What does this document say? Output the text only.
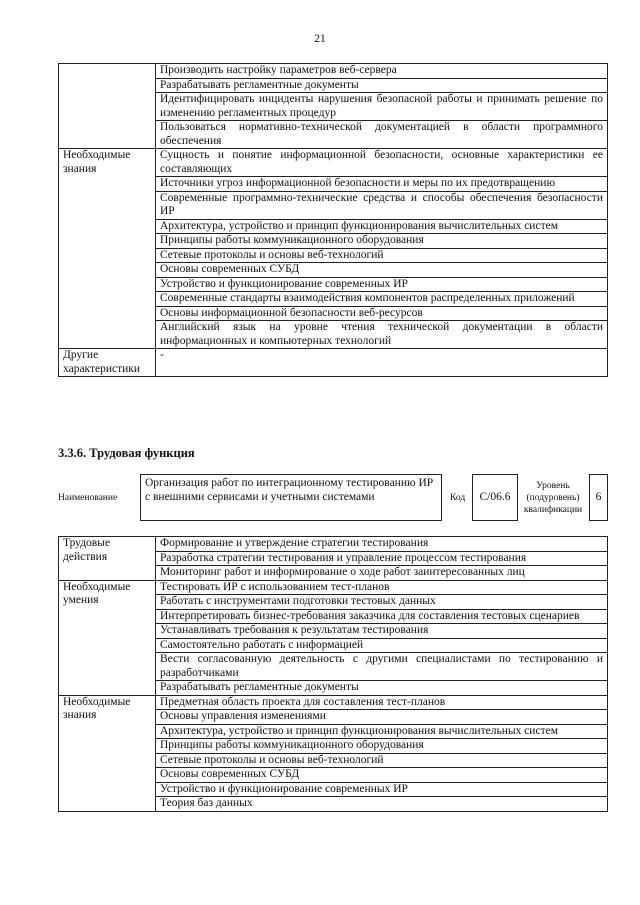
21
	Производить настройку параметров веб-сервера
	Разрабатывать регламентные документы
	Идентифицировать инциденты нарушения безопасной работы и принимать решение по изменению регламентных процедур
	Пользоваться нормативно-технической документацией в области программного обеспечения
Необходимые знания	Сущность и понятие информационной безопасности, основные характеристики ее составляющих
	Источники угроз информационной безопасности и меры по их предотвращению
	Современные программно-технические средства и способы обеспечения безопасности ИР
	Архитектура, устройство и принцип функционирования вычислительных систем
	Принципы работы коммуникационного оборудования
	Сетевые протоколы и основы веб-технологий
	Основы современных СУБД
	Устройство и функционирование современных ИР
	Современные стандарты взаимодействия компонентов распределенных приложений
	Основы информационной безопасности веб-ресурсов
	Английский язык на уровне чтения технической документации в области информационных и компьютерных технологий
Другие характеристики	-
3.3.6. Трудовая функция
Наименование
Организация работ по интеграционному тестированию ИР с внешними сервисами и учетными системами	Код	C/06.6
Уровень (подуровень) квалификации
6
Трудовые действия	Формирование и утверждение стратегии тестирования
	Разработка стратегии тестирования и управление процессом тестирования
	Мониторинг работ и информирование о ходе работ заинтересованных лиц
Необходимые умения	Тестировать ИР с использованием тест-планов
	Работать с инструментами подготовки тестовых данных
	Интерпретировать бизнес-требования заказчика для составления тестовых сценариев
	Устанавливать требования к результатам тестирования
	Самостоятельно работать с информацией
	Вести согласованную деятельность с другими специалистами по тестированию и разработчиками
	Разрабатывать регламентные документы
Необходимые знания	Предметная область проекта для составления тест-планов
	Основы управления изменениями
	Архитектура, устройство и принцип функционирования вычислительных систем
	Принципы работы коммуникационного оборудования
	Сетевые протоколы и основы веб-технологий
	Основы современных СУБД
	Устройство и функционирование современных ИР
	Теория баз данных
